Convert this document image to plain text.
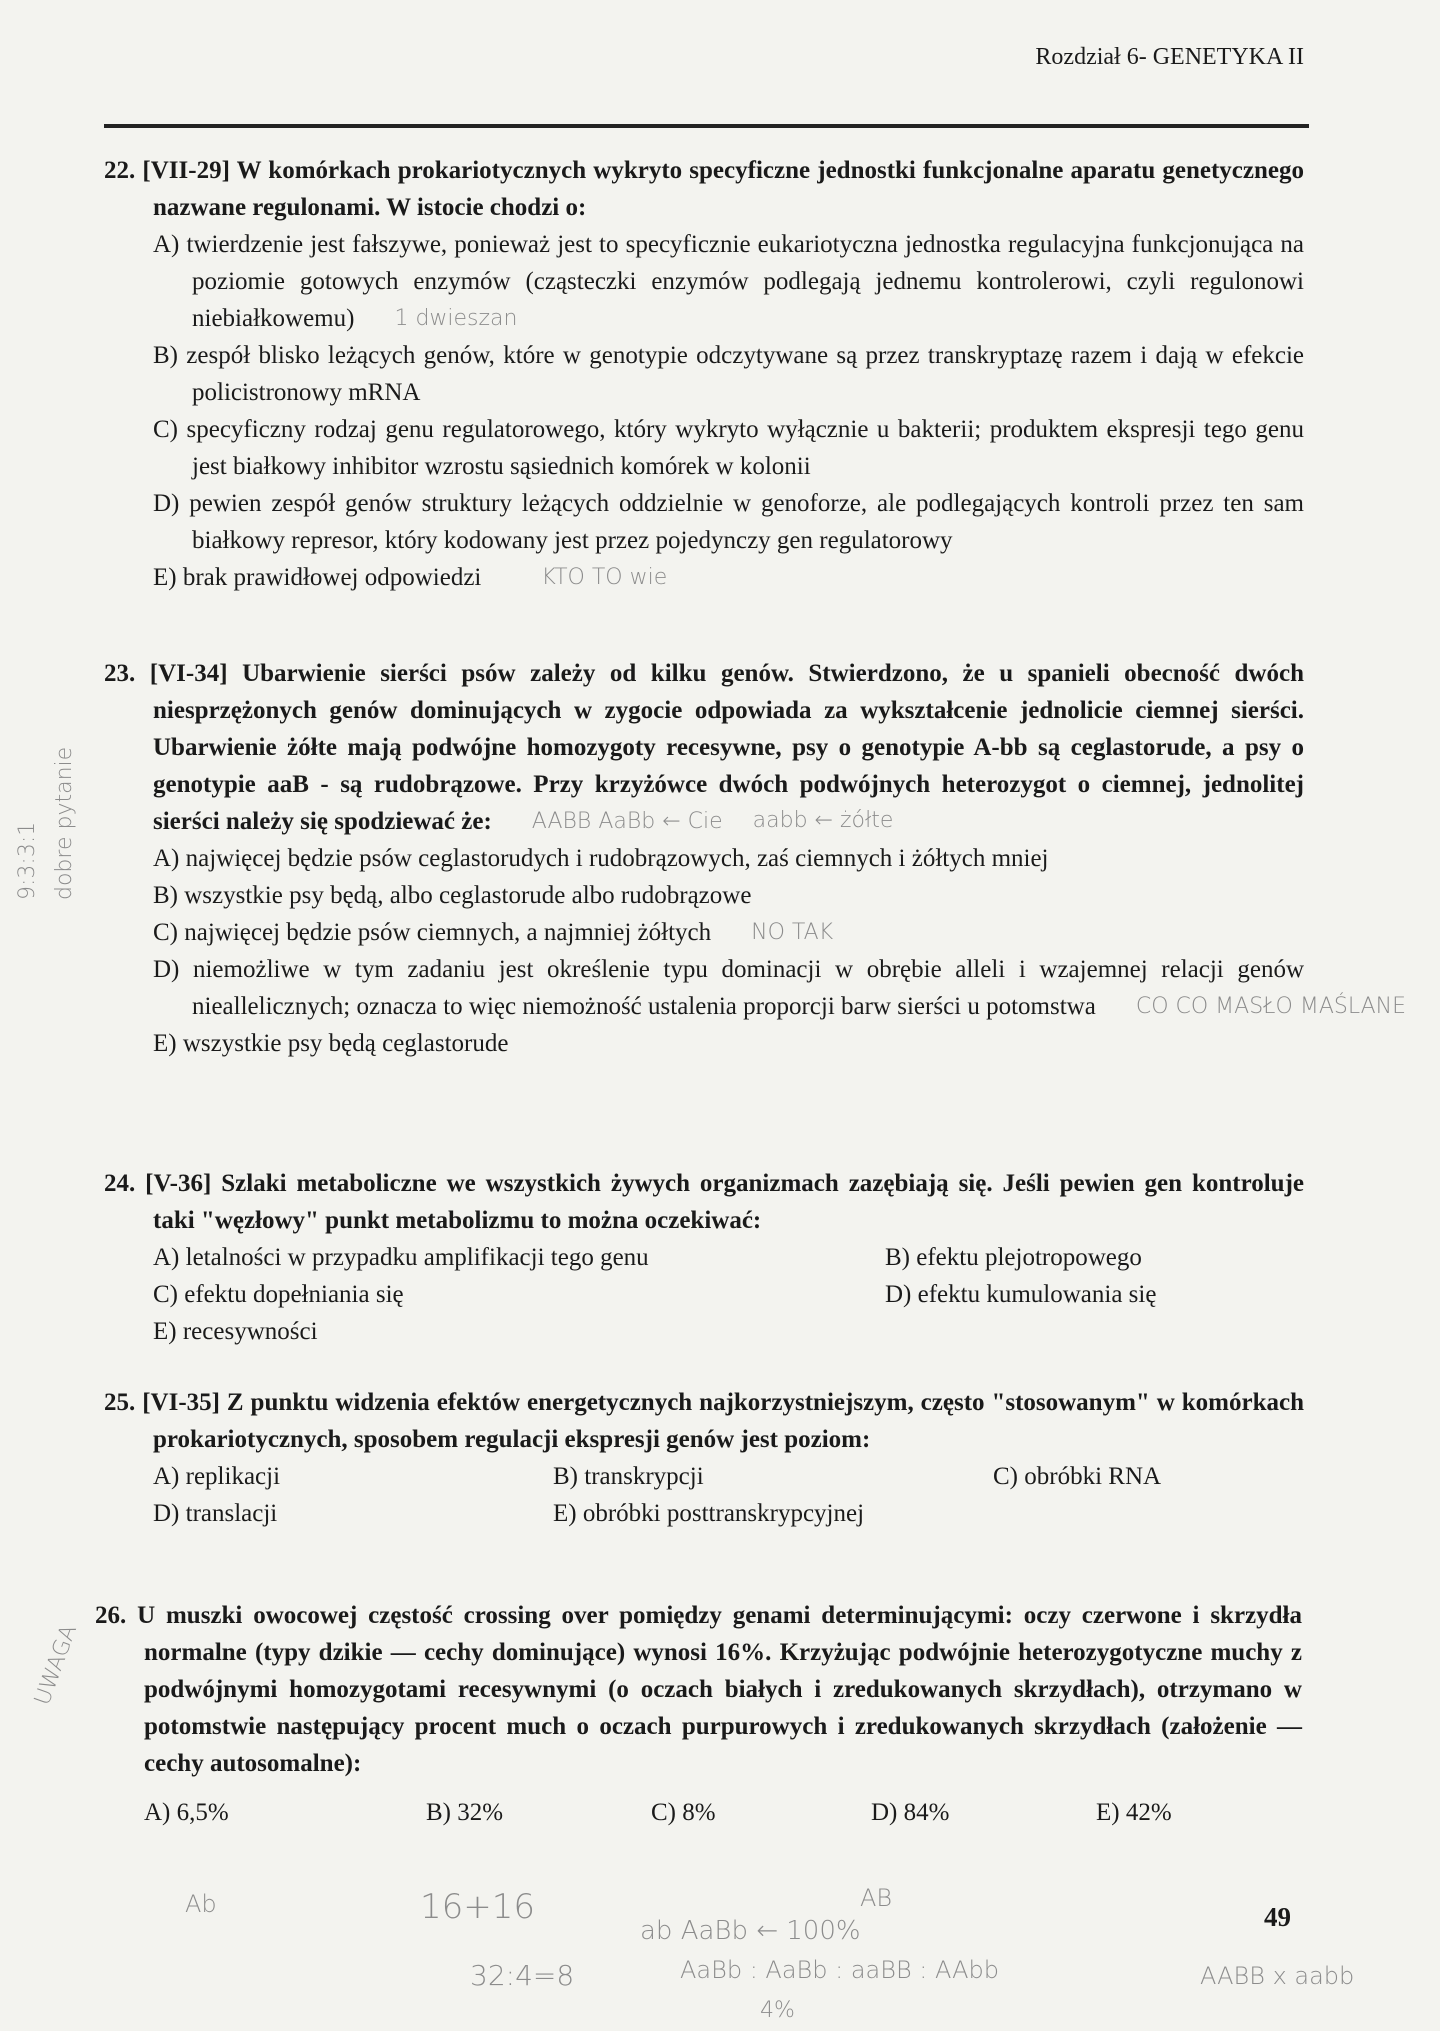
Rozdział 6- GENETYKA II
22. [VII-29] W komórkach prokariotycznych wykryto specyficzne jednostki funkcjonalne aparatu genetycznego nazwane regulonami. W istocie chodzi o:
A) twierdzenie jest fałszywe, ponieważ jest to specyficznie eukariotyczna jednostka regulacyjna funkcjonująca na poziomie gotowych enzymów (cząsteczki enzymów podlegają jednemu kontrolerowi, czyli regulonowi niebiałkowemu)
B) zespół blisko leżących genów, które w genotypie odczytywane są przez transkryptazę razem i dają w efekcie policistronowy mRNA
C) specyficzny rodzaj genu regulatorowego, który wykryto wyłącznie u bakterii; produktem ekspresji tego genu jest białkowy inhibitor wzrostu sąsiednich komórek w kolonii
D) pewien zespół genów struktury leżących oddzielnie w genoforze, ale podlegających kontroli przez ten sam białkowy represor, który kodowany jest przez pojedynczy gen regulatorowy
E) brak prawidłowej odpowiedzi
23. [VI-34] Ubarwienie sierści psów zależy od kilku genów. Stwierdzono, że u spanieli obecność dwóch niesprzężonych genów dominujących w zygocie odpowiada za wykształcenie jednolicie ciemnej sierści. Ubarwienie żółte mają podwójne homozygoty recesywne, psy o genotypie A-bb są ceglastorude, a psy o genotypie aaB - są rudobrązowe. Przy krzyżówce dwóch podwójnych heterozygot o ciemnej, jednolitej sierści należy się spodziewać że:
A) najwięcej będzie psów ceglastorudych i rudobrązowych, zaś ciemnych i żółtych mniej
B) wszystkie psy będą, albo ceglastorude albo rudobrązowe
C) najwięcej będzie psów ciemnych, a najmniej żółtych
D) niemożliwe w tym zadaniu jest określenie typu dominacji w obrębie alleli i wzajemnej relacji genów nieallelicznych; oznacza to więc niemożność ustalenia proporcji barw sierści u potomstwa
E) wszystkie psy będą ceglastorude
24. [V-36] Szlaki metaboliczne we wszystkich żywych organizmach zazębiają się. Jeśli pewien gen kontroluje taki "węzłowy" punkt metabolizmu to można oczekiwać:
A) letalności w przypadku amplifikacji tego genu	B) efektu plejotropowego
C) efektu dopełniania się	D) efektu kumulowania się
E) recesywności
25. [VI-35] Z punktu widzenia efektów energetycznych najkorzystniejszym, często "stosowanym" w komórkach prokariotycznych, sposobem regulacji ekspresji genów jest poziom:
A) replikacji	B) transkrypcji	C) obróbki RNA
D) translacji	E) obróbki posttranskrypcyjnej
26. U muszki owocowej częstość crossing over pomiędzy genami determinującymi: oczy czerwone i skrzydła normalne (typy dzikie — cechy dominujące) wynosi 16%. Krzyżując podwójnie heterozygotyczne muchy z podwójnymi homozygotami recesywnymi (o oczach białych i zredukowanych skrzydłach), otrzymano w potomstwie następujący procent much o oczach purpurowych i zredukowanych skrzydłach (założenie — cechy autosomalne):
A) 6,5%	B) 32%	C) 8%	D) 84%	E) 42%
49
AABB AaBb ← Cie aabb ← żółte
1 dwieszan
KTO TO wie
NO TAK
CO CO MASŁO MAŚLANE
9:3:3:1 dobre pytanie
UWAGA
AABB x aabb
AB
Ab
ab AaBb ← 100%
16+16
32:4=8	AaBb : AaBb : aaBB : AAbb
4%
